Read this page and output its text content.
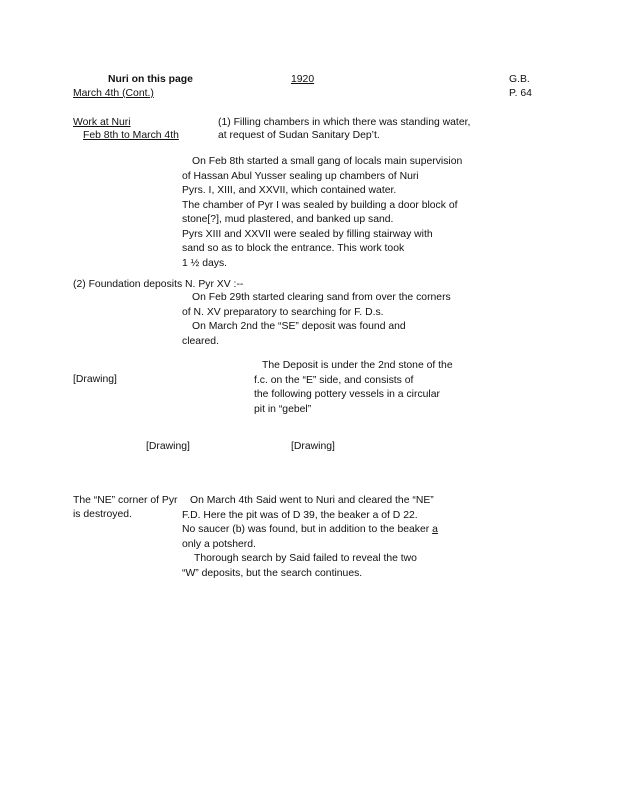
Nuri on this page	1920	G.B.
March 4th (Cont.)	P. 64
Work at Nuri
Feb 8th to March 4th
(1) Filling chambers in which there was standing water,
at request of Sudan Sanitary Dep’t.
On Feb 8th started a small gang of locals main supervision
of Hassan Abul Yusser sealing up chambers of Nuri
Pyrs. I, XIII, and XXVII, which contained water.
The chamber of Pyr I was sealed by building a door block of
stone[?], mud plastered, and banked up sand.
Pyrs XIII and XXVII were sealed by filling stairway with
sand so as to block the entrance. This work took
1 ½ days.
(2) Foundation deposits N. Pyr XV :--
On Feb 29th started clearing sand from over the corners
of N. XV preparatory to searching for F. D.s.
On March 2nd the “SE” deposit was found and
cleared.
[Drawing]
The Deposit is under the 2nd stone of the
f.c. on the “E” side, and consists of
the following pottery vessels in a circular
pit in “gebel”
[Drawing]	[Drawing]
The “NE” corner of Pyr
is destroyed.
On March 4th Said went to Nuri and cleared the “NE”
F.D. Here the pit was of D 39, the beaker a of D 22.
No saucer (b) was found, but in addition to the beaker a
only a potsherd.
Thorough search by Said failed to reveal the two
“W” deposits, but the search continues.
